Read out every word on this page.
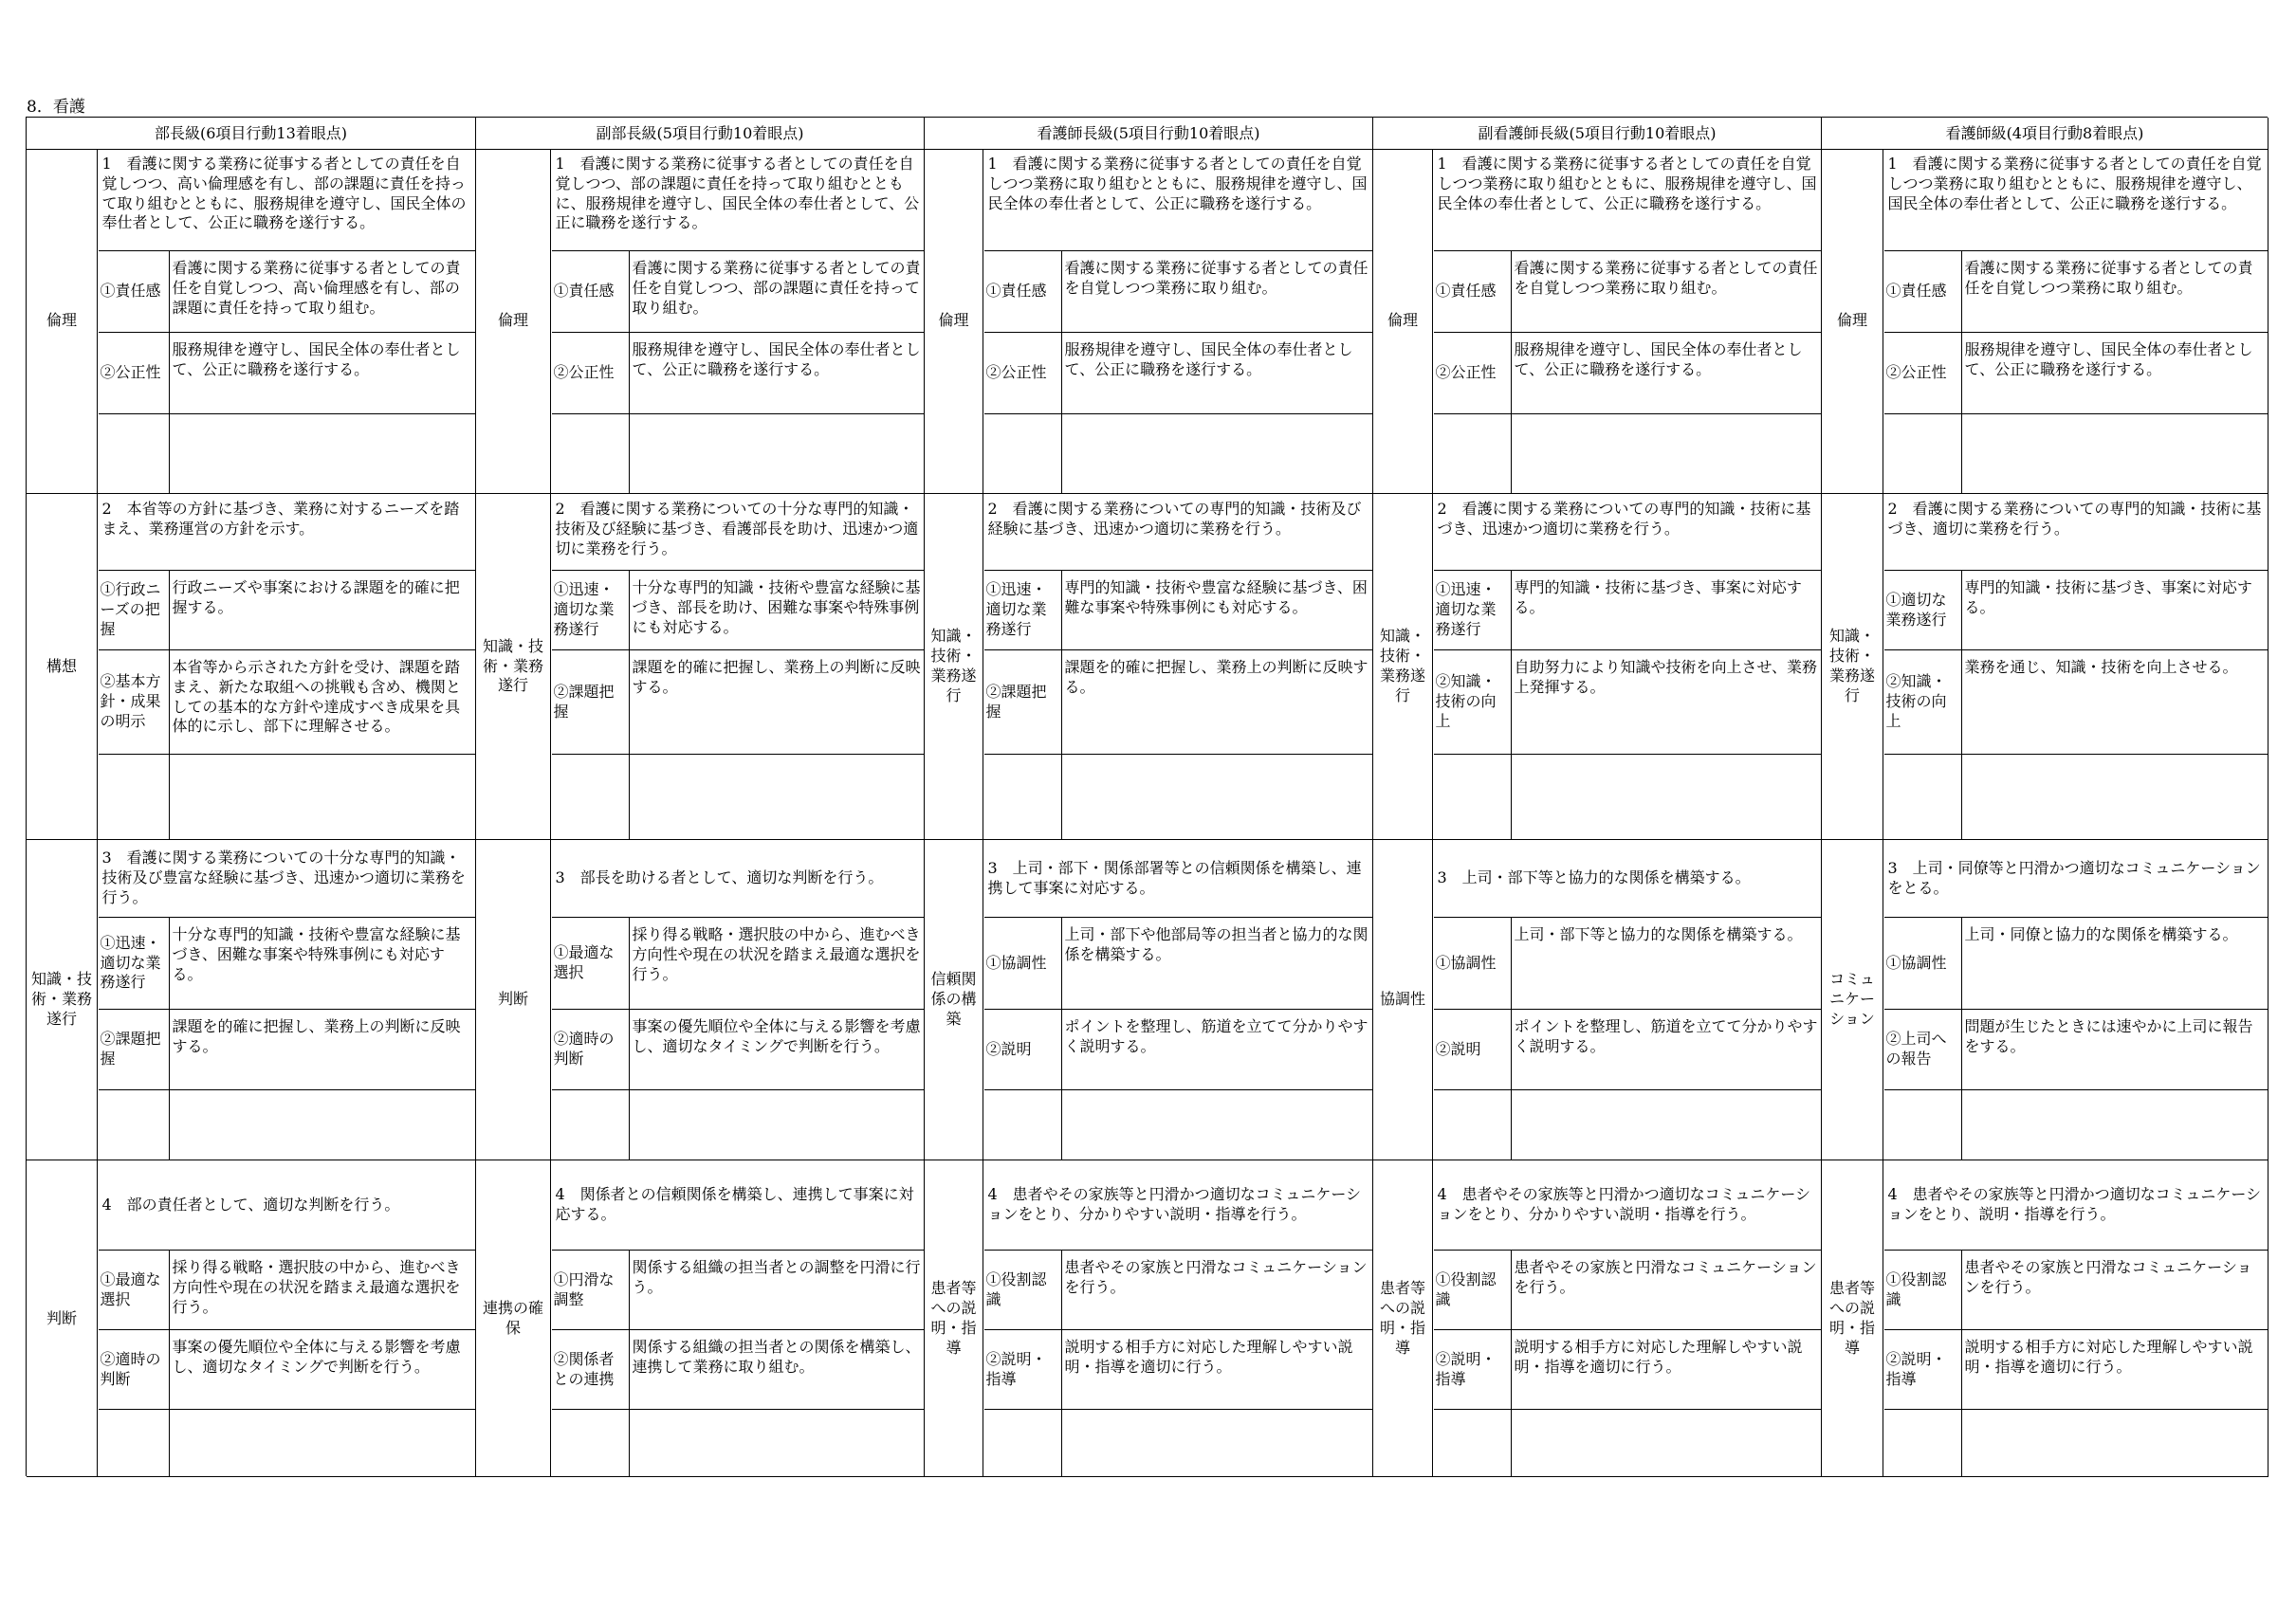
8．看護
部長級(6項目行動13着眼点)
倫理
1　看護に関する業務に従事する者としての責任を自覚しつつ、高い倫理感を有し、部の課題に責任を持って取り組むとともに、服務規律を遵守し、国民全体の奉仕者として、公正に職務を遂行する。
①責任感
看護に関する業務に従事する者としての責任を自覚しつつ、高い倫理感を有し、部の課題に責任を持って取り組む。
②公正性
服務規律を遵守し、国民全体の奉仕者として、公正に職務を遂行する。
構想
2　本省等の方針に基づき、業務に対するニーズを踏まえ、業務運営の方針を示す。
①行政ニーズの把握
行政ニーズや事案における課題を的確に把握する。
②基本方針・成果の明示
本省等から示された方針を受け、課題を踏まえ、新たな取組への挑戦も含め、機関としての基本的な方針や達成すべき成果を具体的に示し、部下に理解させる。
知識・技術・業務遂行
3　看護に関する業務についての十分な専門的知識・技術及び豊富な経験に基づき、迅速かつ適切に業務を行う。
①迅速・適切な業務遂行
十分な専門的知識・技術や豊富な経験に基づき、困難な事案や特殊事例にも対応する。
②課題把握
課題を的確に把握し、業務上の判断に反映する。
判断
4　部の責任者として、適切な判断を行う。
①最適な選択
採り得る戦略・選択肢の中から、進むべき方向性や現在の状況を踏まえ最適な選択を行う。
②適時の判断
事案の優先順位や全体に与える影響を考慮し、適切なタイミングで判断を行う。
副部長級(5項目行動10着眼点)
倫理
1　看護に関する業務に従事する者としての責任を自覚しつつ、部の課題に責任を持って取り組むとともに、服務規律を遵守し、国民全体の奉仕者として、公正に職務を遂行する。
①責任感
看護に関する業務に従事する者としての責任を自覚しつつ、部の課題に責任を持って取り組む。
②公正性
服務規律を遵守し、国民全体の奉仕者として、公正に職務を遂行する。
知識・技術・業務遂行
2　看護に関する業務についての十分な専門的知識・技術及び経験に基づき、看護部長を助け、迅速かつ適切に業務を行う。
①迅速・適切な業務遂行
十分な専門的知識・技術や豊富な経験に基づき、部長を助け、困難な事案や特殊事例にも対応する。
②課題把握
課題を的確に把握し、業務上の判断に反映する。
判断
3　部長を助ける者として、適切な判断を行う。
①最適な選択
採り得る戦略・選択肢の中から、進むべき方向性や現在の状況を踏まえ最適な選択を行う。
②適時の判断
事案の優先順位や全体に与える影響を考慮し、適切なタイミングで判断を行う。
連携の確保
4　関係者との信頼関係を構築し、連携して事案に対応する。
①円滑な調整
関係する組織の担当者との調整を円滑に行う。
②関係者との連携
関係する組織の担当者との関係を構築し、連携して業務に取り組む。
看護師長級(5項目行動10着眼点)
倫理
1　看護に関する業務に従事する者としての責任を自覚しつつ業務に取り組むとともに、服務規律を遵守し、国民全体の奉仕者として、公正に職務を遂行する。
①責任感
看護に関する業務に従事する者としての責任を自覚しつつ業務に取り組む。
②公正性
服務規律を遵守し、国民全体の奉仕者として、公正に職務を遂行する。
知識・技術・業務遂行
2　看護に関する業務についての専門的知識・技術及び経験に基づき、迅速かつ適切に業務を行う。
①迅速・適切な業務遂行
専門的知識・技術や豊富な経験に基づき、困難な事案や特殊事例にも対応する。
②課題把握
課題を的確に把握し、業務上の判断に反映する。
信頼関係の構築
3　上司・部下・関係部署等との信頼関係を構築し、連携して事案に対応する。
①協調性
上司・部下や他部局等の担当者と協力的な関係を構築する。
②説明
ポイントを整理し、筋道を立てて分かりやすく説明する。
患者等への説明・指導
4　患者やその家族等と円滑かつ適切なコミュニケーションをとり、分かりやすい説明・指導を行う。
①役割認識
患者やその家族と円滑なコミュニケーションを行う。
②説明・指導
説明する相手方に対応した理解しやすい説明・指導を適切に行う。
副看護師長級(5項目行動10着眼点)
倫理
1　看護に関する業務に従事する者としての責任を自覚しつつ業務に取り組むとともに、服務規律を遵守し、国民全体の奉仕者として、公正に職務を遂行する。
①責任感
看護に関する業務に従事する者としての責任を自覚しつつ業務に取り組む。
②公正性
服務規律を遵守し、国民全体の奉仕者として、公正に職務を遂行する。
知識・技術・業務遂行
2　看護に関する業務についての専門的知識・技術に基づき、迅速かつ適切に業務を行う。
①迅速・適切な業務遂行
専門的知識・技術に基づき、事案に対応する。
②知識・技術の向上
自助努力により知識や技術を向上させ、業務上発揮する。
協調性
3　上司・部下等と協力的な関係を構築する。
①協調性
上司・部下等と協力的な関係を構築する。
②説明
ポイントを整理し、筋道を立てて分かりやすく説明する。
患者等への説明・指導
4　患者やその家族等と円滑かつ適切なコミュニケーションをとり、分かりやすい説明・指導を行う。
①役割認識
患者やその家族と円滑なコミュニケーションを行う。
②説明・指導
説明する相手方に対応した理解しやすい説明・指導を適切に行う。
看護師級(4項目行動8着眼点)
倫理
1　看護に関する業務に従事する者としての責任を自覚しつつ業務に取り組むとともに、服務規律を遵守し、国民全体の奉仕者として、公正に職務を遂行する。
①責任感
看護に関する業務に従事する者としての責任を自覚しつつ業務に取り組む。
②公正性
服務規律を遵守し、国民全体の奉仕者として、公正に職務を遂行する。
知識・技術・業務遂行
2　看護に関する業務についての専門的知識・技術に基づき、適切に業務を行う。
①適切な業務遂行
専門的知識・技術に基づき、事案に対応する。
②知識・技術の向上
業務を通じ、知識・技術を向上させる。
コミュニケーション
3　上司・同僚等と円滑かつ適切なコミュニケーションをとる。
①協調性
上司・同僚と協力的な関係を構築する。
②上司への報告
問題が生じたときには速やかに上司に報告をする。
患者等への説明・指導
4　患者やその家族等と円滑かつ適切なコミュニケーションをとり、説明・指導を行う。
①役割認識
患者やその家族と円滑なコミュニケーションを行う。
②説明・指導
説明する相手方に対応した理解しやすい説明・指導を適切に行う。
